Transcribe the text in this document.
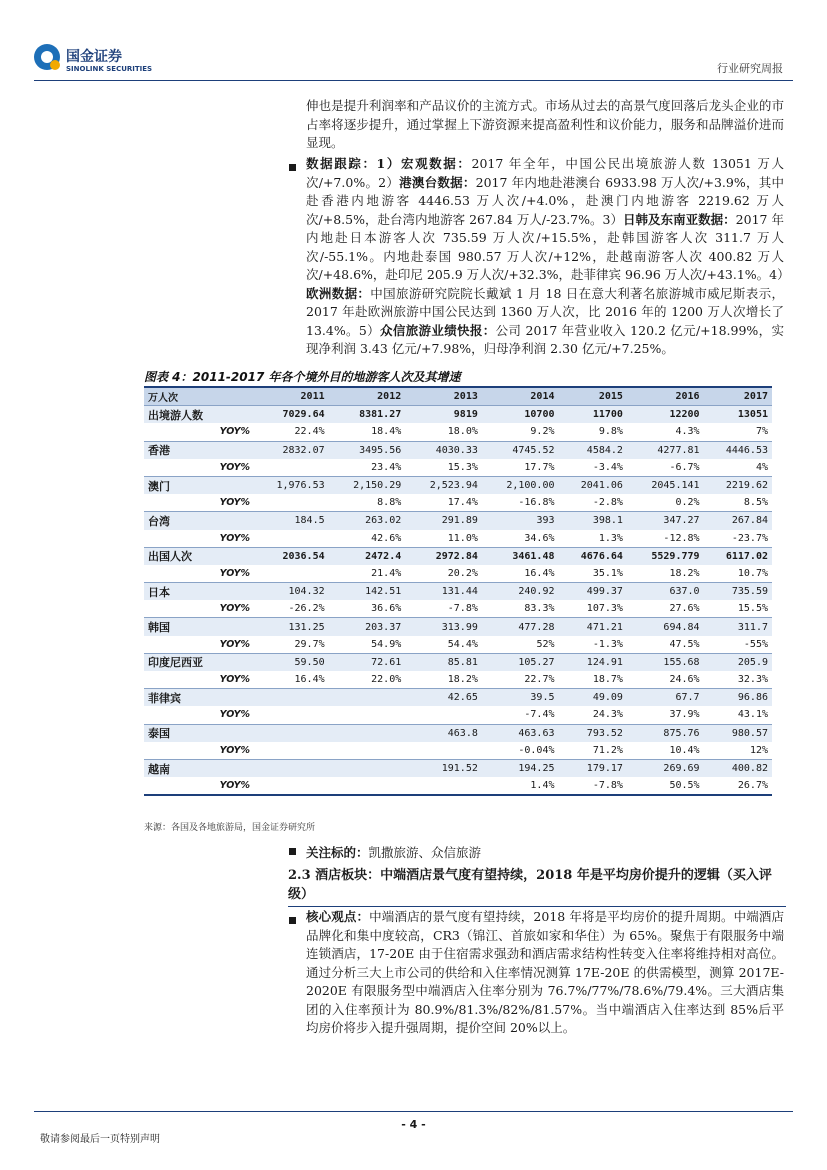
国金证券
SINOLINK SECURITIES	行业研究周报
伸也是提升利润率和产品议价的主流方式。市场从过去的高景气度回落后龙头企业的市占率将逐步提升，通过掌握上下游资源来提高盈利性和议价能力，服务和品牌溢价进而显现。
数据跟踪：1）宏观数据：2017 年全年，中国公民出境旅游人数 13051 万人次/+7.0%。2）港澳台数据：2017 年内地赴港澳台 6933.98 万人次/+3.9%，其中赴香港内地游客 4446.53 万人次/+4.0%，赴澳门内地游客 2219.62 万人次/+8.5%，赴台湾内地游客 267.84 万人/-23.7%。3）日韩及东南亚数据：2017 年内地赴日本游客人次 735.59 万人次/+15.5%，赴韩国游客人次 311.7 万人次/-55.1%。内地赴泰国 980.57 万人次/+12%，赴越南游客人次 400.82 万人次/+48.6%，赴印尼 205.9 万人次/+32.3%，赴菲律宾 96.96 万人次/+43.1%。4）欧洲数据：中国旅游研究院院长戴斌 1 月 18 日在意大利著名旅游城市威尼斯表示，2017 年赴欧洲旅游中国公民达到 1360 万人次，比 2016 年的 1200 万人次增长了 13.4%。5）众信旅游业绩快报：公司 2017 年营业收入 120.2 亿元/+18.99%，实现净利润 3.43 亿元/+7.98%，归母净利润 2.30 亿元/+7.25%。
图表 4：2011-2017 年各个境外目的地游客人次及其增速
万人次	2011	2012	2013	2014	2015	2016	2017
出境游人数	7029.64	8381.27	9819	10700	11700	12200	13051
YOY%	22.4%	18.4%	18.0%	9.2%	9.8%	4.3%	7%
香港	2832.07	3495.56	4030.33	4745.52	4584.2	4277.81	4446.53
YOY%		23.4%	15.3%	17.7%	-3.4%	-6.7%	4%
澳门	1,976.53	2,150.29	2,523.94	2,100.00	2041.06	2045.141	2219.62
YOY%		8.8%	17.4%	-16.8%	-2.8%	0.2%	8.5%
台湾	184.5	263.02	291.89	393	398.1	347.27	267.84
YOY%		42.6%	11.0%	34.6%	1.3%	-12.8%	-23.7%
出国人次	2036.54	2472.4	2972.84	3461.48	4676.64	5529.779	6117.02
YOY%		21.4%	20.2%	16.4%	35.1%	18.2%	10.7%
日本	104.32	142.51	131.44	240.92	499.37	637.0	735.59
YOY%	-26.2%	36.6%	-7.8%	83.3%	107.3%	27.6%	15.5%
韩国	131.25	203.37	313.99	477.28	471.21	694.84	311.7
YOY%	29.7%	54.9%	54.4%	52%	-1.3%	47.5%	-55%
印度尼西亚	59.50	72.61	85.81	105.27	124.91	155.68	205.9
YOY%	16.4%	22.0%	18.2%	22.7%	18.7%	24.6%	32.3%
菲律宾			42.65	39.5	49.09	67.7	96.86
YOY%				-7.4%	24.3%	37.9%	43.1%
泰国			463.8	463.63	793.52	875.76	980.57
YOY%				-0.04%	71.2%	10.4%	12%
越南			191.52	194.25	179.17	269.69	400.82
YOY%				1.4%	-7.8%	50.5%	26.7%
来源：各国及各地旅游局，国金证券研究所
关注标的：凯撒旅游、众信旅游
2.3 酒店板块：中端酒店景气度有望持续，2018 年是平均房价提升的逻辑（买入评级）
核心观点：中端酒店的景气度有望持续，2018 年将是平均房价的提升周期。中端酒店品牌化和集中度较高，CR3（锦江、首旅如家和华住）为 65%。聚焦于有限服务中端连锁酒店，17-20E 由于住宿需求强劲和酒店需求结构性转变入住率将维持相对高位。通过分析三大上市公司的供给和入住率情况测算 17E-20E 的供需模型，测算 2017E-2020E 有限服务型中端酒店入住率分别为 76.7%/77%/78.6%/79.4%。三大酒店集团的入住率预计为 80.9%/81.3%/82%/81.57%。当中端酒店入住率达到 85%后平均房价将步入提升强周期，提价空间 20%以上。
- 4 -
敬请参阅最后一页特别声明
